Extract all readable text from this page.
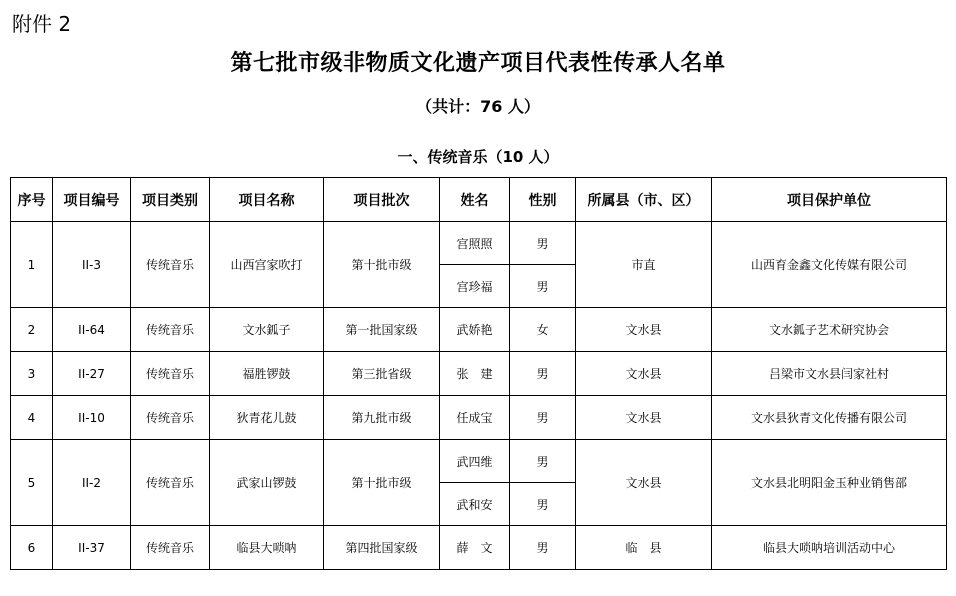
附件 2
第七批市级非物质文化遗产项目代表性传承人名单
（共计：76 人）
一、传统音乐（10 人）
序号	项目编号	项目类别	项目名称	项目批次	姓名	性别	所属县（市、区）	项目保护单位
1	II-3	传统音乐	山西宫家吹打	第十批市级	宫照照	男	市直	山西育金鑫文化传媒有限公司
					宫珍福	男		
2	II-64	传统音乐	文水鈲子	第一批国家级	武娇艳	女	文水县	文水鈲子艺术研究协会
3	II-27	传统音乐	福胜锣鼓	第三批省级	张　建	男	文水县	吕梁市文水县闫家社村
4	II-10	传统音乐	狄青花儿鼓	第九批市级	任成宝	男	文水县	文水县狄青文化传播有限公司
5	II-2	传统音乐	武家山锣鼓	第十批市级	武四维	男	文水县	文水县北明阳金玉种业销售部
					武和安	男		
6	II-37	传统音乐	临县大唢呐	第四批国家级	薛　文	男	临　县	临县大唢呐培训活动中心
